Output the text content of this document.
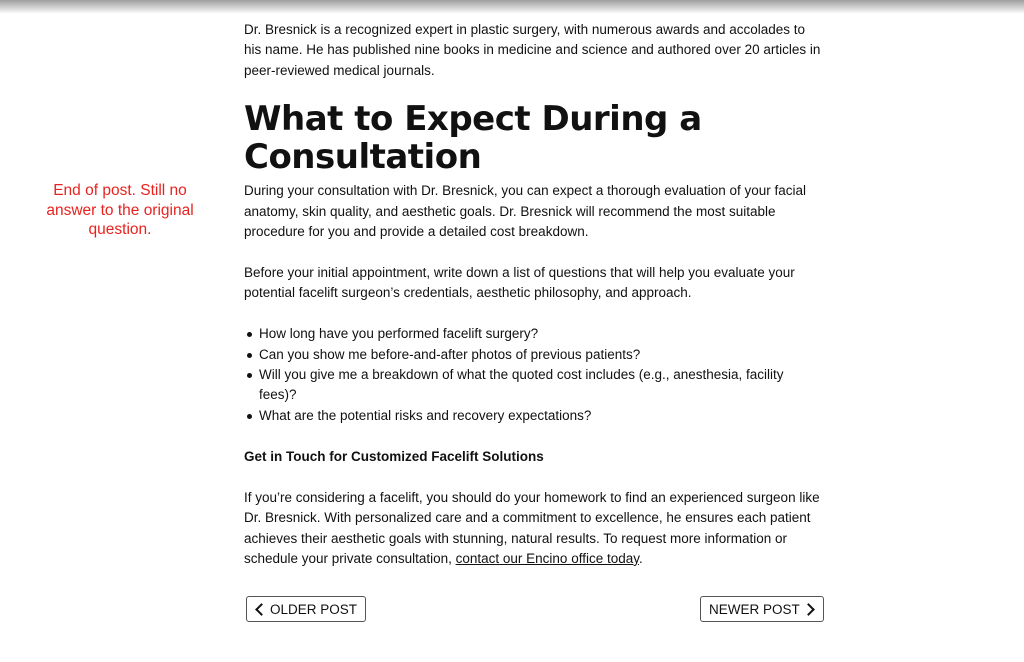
End of post. Still no answer to the original question.

Dr. Bresnick is a recognized expert in plastic surgery, with numerous awards and accolades to his name. He has published nine books in medicine and science and authored over 20 articles in peer-reviewed medical journals.

What to Expect During a Consultation

During your consultation with Dr. Bresnick, you can expect a thorough evaluation of your facial anatomy, skin quality, and aesthetic goals. Dr. Bresnick will recommend the most suitable procedure for you and provide a detailed cost breakdown.

Before your initial appointment, write down a list of questions that will help you evaluate your potential facelift surgeon’s credentials, aesthetic philosophy, and approach.

How long have you performed facelift surgery?
Can you show me before-and-after photos of previous patients?
Will you give me a breakdown of what the quoted cost includes (e.g., anesthesia, facility fees)?
What are the potential risks and recovery expectations?

Get in Touch for Customized Facelift Solutions

If you’re considering a facelift, you should do your homework to find an experienced surgeon like Dr. Bresnick. With personalized care and a commitment to excellence, he ensures each patient achieves their aesthetic goals with stunning, natural results. To request more information or schedule your private consultation, contact our Encino office today.

OLDER POST	NEWER POST
